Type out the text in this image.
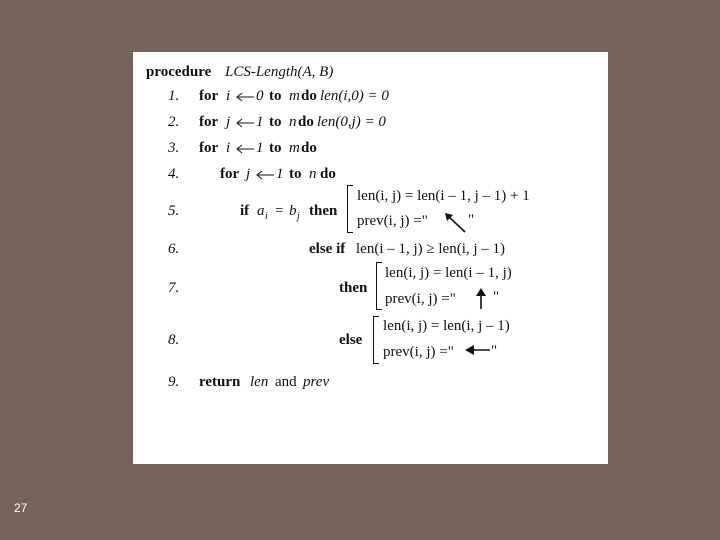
procedure LCS-Length(A, B)
1. for i 0 to m do len(i,0) = 0
2. for j 1 to n do len(0,j) = 0
3. for i 1 to m do
4.	for j 1 to n do
5.	if a i = b j then
len(i, j) = len(i – 1, j – 1) + 1
prev(i, j) ="	"
6.	else if len(i – 1, j) ≥ len(i, j – 1)
7.	then
len(i, j) = len(i – 1, j)
prev(i, j) =" "
8.	else
len(i, j) = len(i, j – 1)
prev(i, j) =" "
9. return len and prev
27
